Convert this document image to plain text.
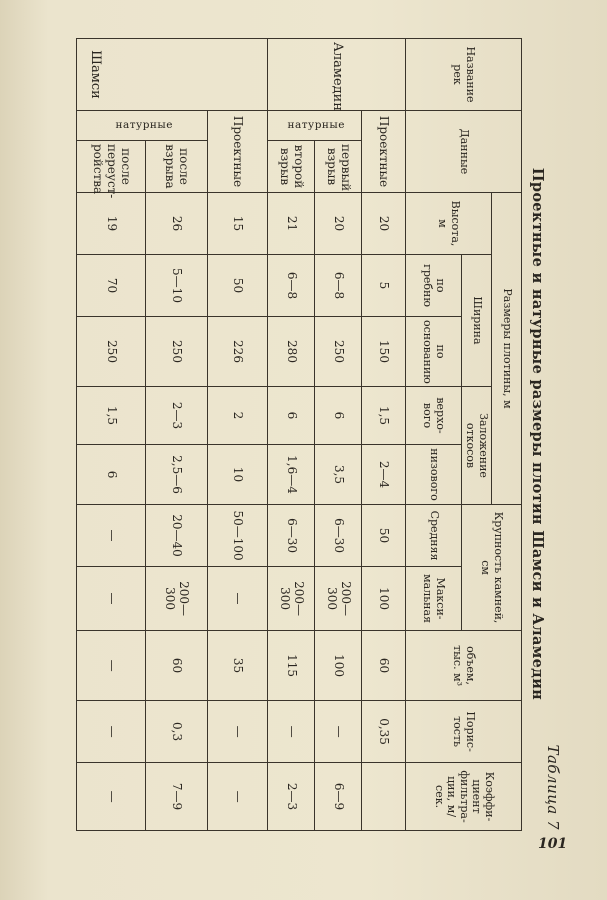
Таблица 7
Проектные и натурные размеры плотин Шамси и Аламедин
Название рек	Данные		Размеры плотины, м					Крупность камней, см		объем, тыс. м³	Порис-тость	Коэффи-циент фильтра-ции, м/сек.
			Высота, м	Ширина		Заложение откосов						
				по гребню	по основанию	верхо-вого	низового	Средняя	Макси-мальная			
Аламедин	Проектные		20	5	150	1,5	2—4	50	100	60	0,35	
	натурные	первый взрыв	20	6—8	250	6	3,5	6—30	200—300	100	—	6—9
		второй взрыв	21	6—8	280	6	1,6—4	6—30	200—300	115	—	2—3
Шамси	Проектные		15	50	226	2	10	50—100	—	35	—	—
	натурные	после взрыва	26	5—10	250	2—3	2,5—6	20—40	200—300	60	0,3	7—9
		после переуст-ройства	19	70	250	1,5	6	—	—	—	—	—
101
